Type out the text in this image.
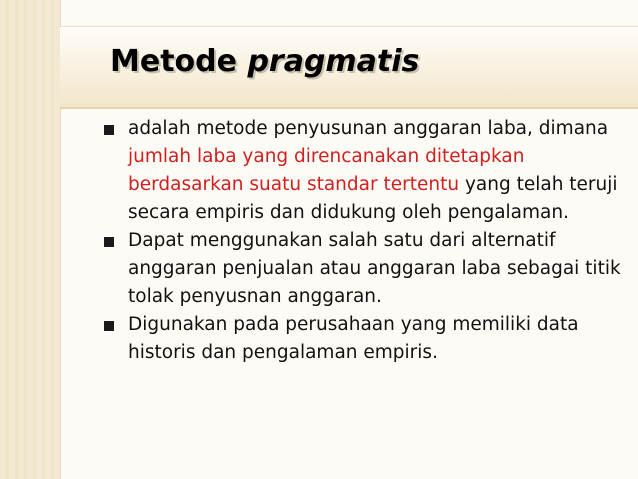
Metode pragmatis

adalah metode penyusunan anggaran laba, dimana jumlah laba yang direncanakan ditetapkan berdasarkan suatu standar tertentu yang telah teruji secara empiris dan didukung oleh pengalaman.

Dapat menggunakan salah satu dari alternatif anggaran penjualan atau anggaran laba sebagai titik tolak penyusnan anggaran.

Digunakan pada perusahaan yang memiliki data historis dan pengalaman empiris.
